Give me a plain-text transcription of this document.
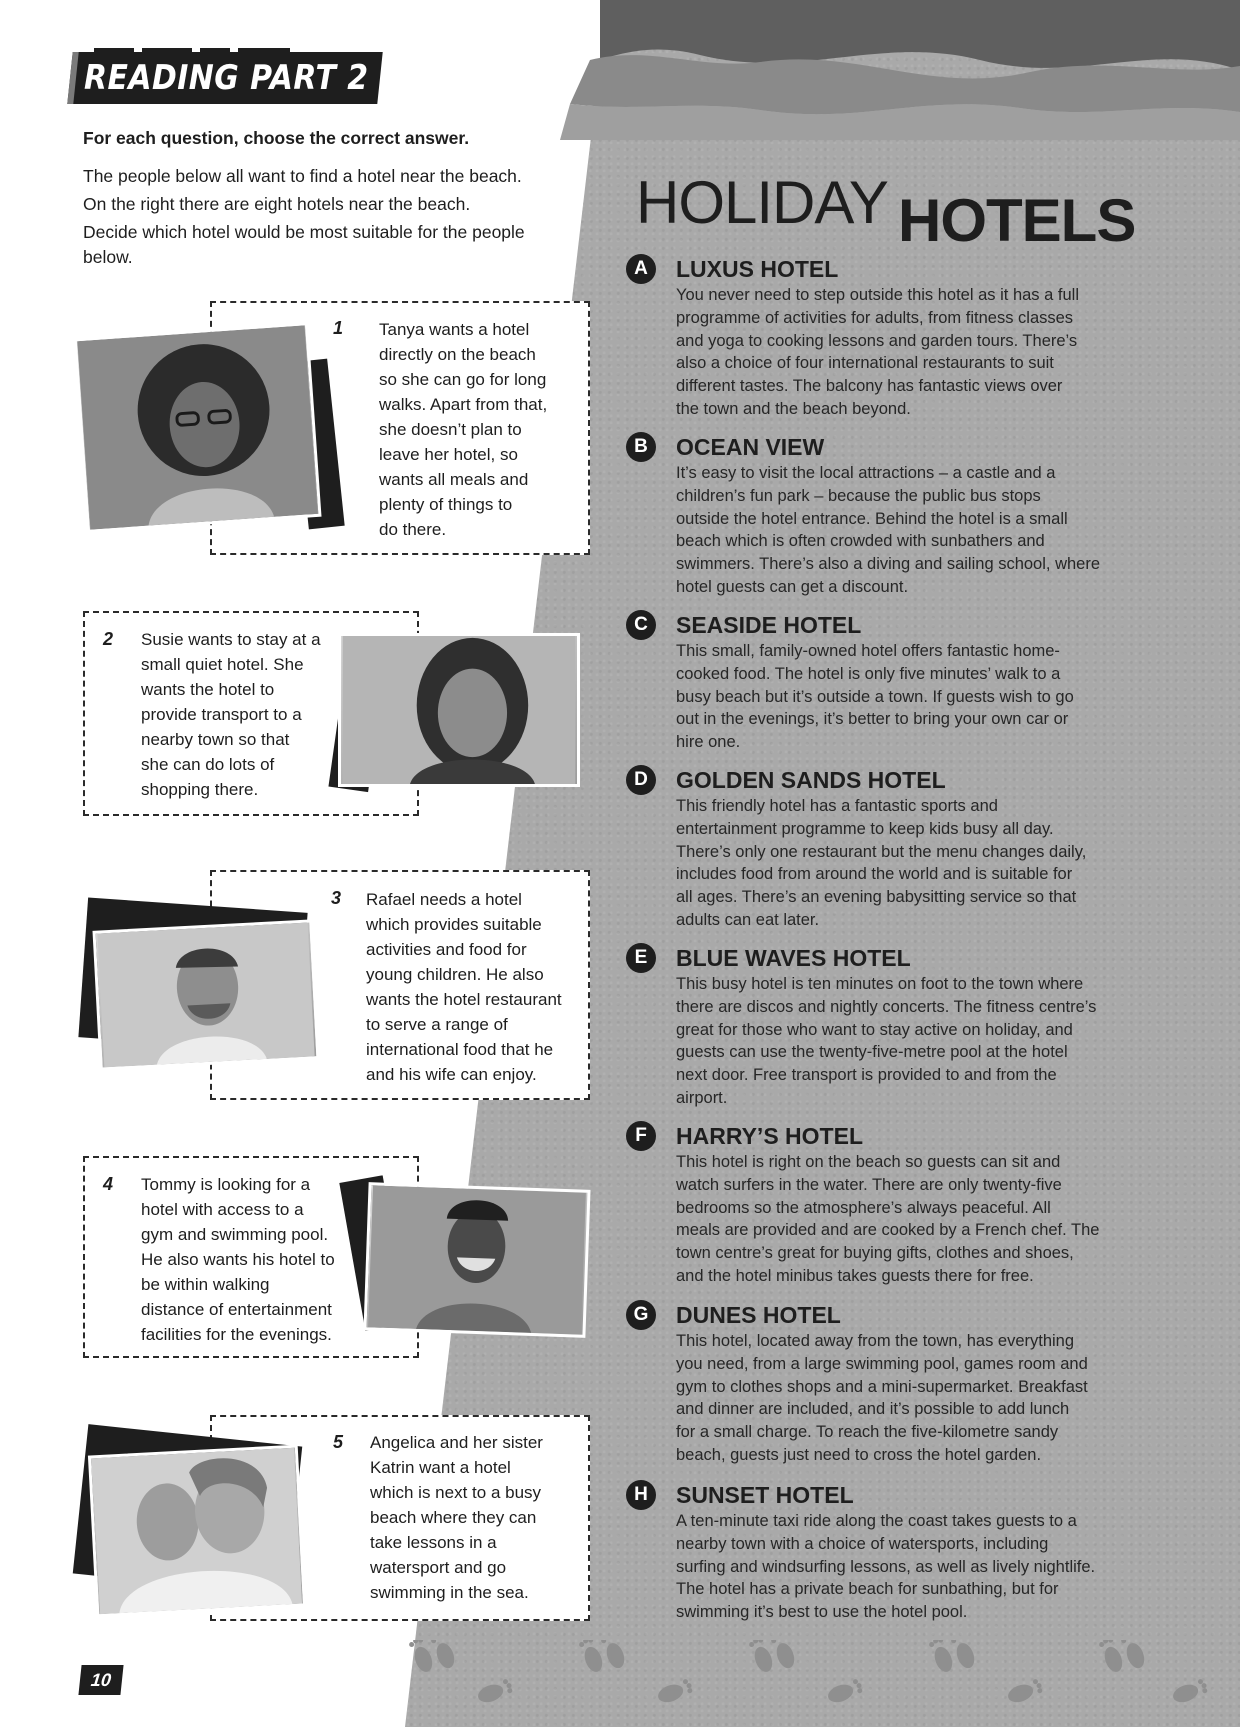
READING PART 2
For each question, choose the correct answer.
The people below all want to find a hotel near the beach.
On the right there are eight hotels near the beach.
Decide which hotel would be most suitable for the people
below.
1 Tanya wants a hotel
directly on the beach
so she can go for long
walks. Apart from that,
she doesn’t plan to
leave her hotel, so
wants all meals and
plenty of things to
do there.
2 Susie wants to stay at a
small quiet hotel. She
wants the hotel to
provide transport to a
nearby town so that
she can do lots of
shopping there.
3 Rafael needs a hotel
which provides suitable
activities and food for
young children. He also
wants the hotel restaurant
to serve a range of
international food that he
and his wife can enjoy.
4 Tommy is looking for a
hotel with access to a
gym and swimming pool.
He also wants his hotel to
be within walking
distance of entertainment
facilities for the evenings.
5 Angelica and her sister
Katrin want a hotel
which is next to a busy
beach where they can
take lessons in a
watersport and go
swimming in the sea.
HOLIDAY HOTELS
A	LUXUS HOTEL
You never need to step outside this hotel as it has a full
programme of activities for adults, from fitness classes
and yoga to cooking lessons and garden tours. There’s
also a choice of four international restaurants to suit
different tastes. The balcony has fantastic views over
the town and the beach beyond.
B	OCEAN VIEW
It’s easy to visit the local attractions – a castle and a
children’s fun park – because the public bus stops
outside the hotel entrance. Behind the hotel is a small
beach which is often crowded with sunbathers and
swimmers. There’s also a diving and sailing school, where
hotel guests can get a discount.
C	SEASIDE HOTEL
This small, family-owned hotel offers fantastic home-
cooked food. The hotel is only five minutes’ walk to a
busy beach but it’s outside a town. If guests wish to go
out in the evenings, it’s better to bring your own car or
hire one.
D	GOLDEN SANDS HOTEL
This friendly hotel has a fantastic sports and
entertainment programme to keep kids busy all day.
There’s only one restaurant but the menu changes daily,
includes food from around the world and is suitable for
all ages. There’s an evening babysitting service so that
adults can eat later.
E	BLUE WAVES HOTEL
This busy hotel is ten minutes on foot to the town where
there are discos and nightly concerts. The fitness centre’s
great for those who want to stay active on holiday, and
guests can use the twenty-five-metre pool at the hotel
next door. Free transport is provided to and from the
airport.
F	HARRY’S HOTEL
This hotel is right on the beach so guests can sit and
watch surfers in the water. There are only twenty-five
bedrooms so the atmosphere’s always peaceful. All
meals are provided and are cooked by a French chef. The
town centre’s great for buying gifts, clothes and shoes,
and the hotel minibus takes guests there for free.
G	DUNES HOTEL
This hotel, located away from the town, has everything
you need, from a large swimming pool, games room and
gym to clothes shops and a mini-supermarket. Breakfast
and dinner are included, and it’s possible to add lunch
for a small charge. To reach the five-kilometre sandy
beach, guests just need to cross the hotel garden.
H	SUNSET HOTEL
A ten-minute taxi ride along the coast takes guests to a
nearby town with a choice of watersports, including
surfing and windsurfing lessons, as well as lively nightlife.
The hotel has a private beach for sunbathing, but for
swimming it’s best to use the hotel pool.
10
